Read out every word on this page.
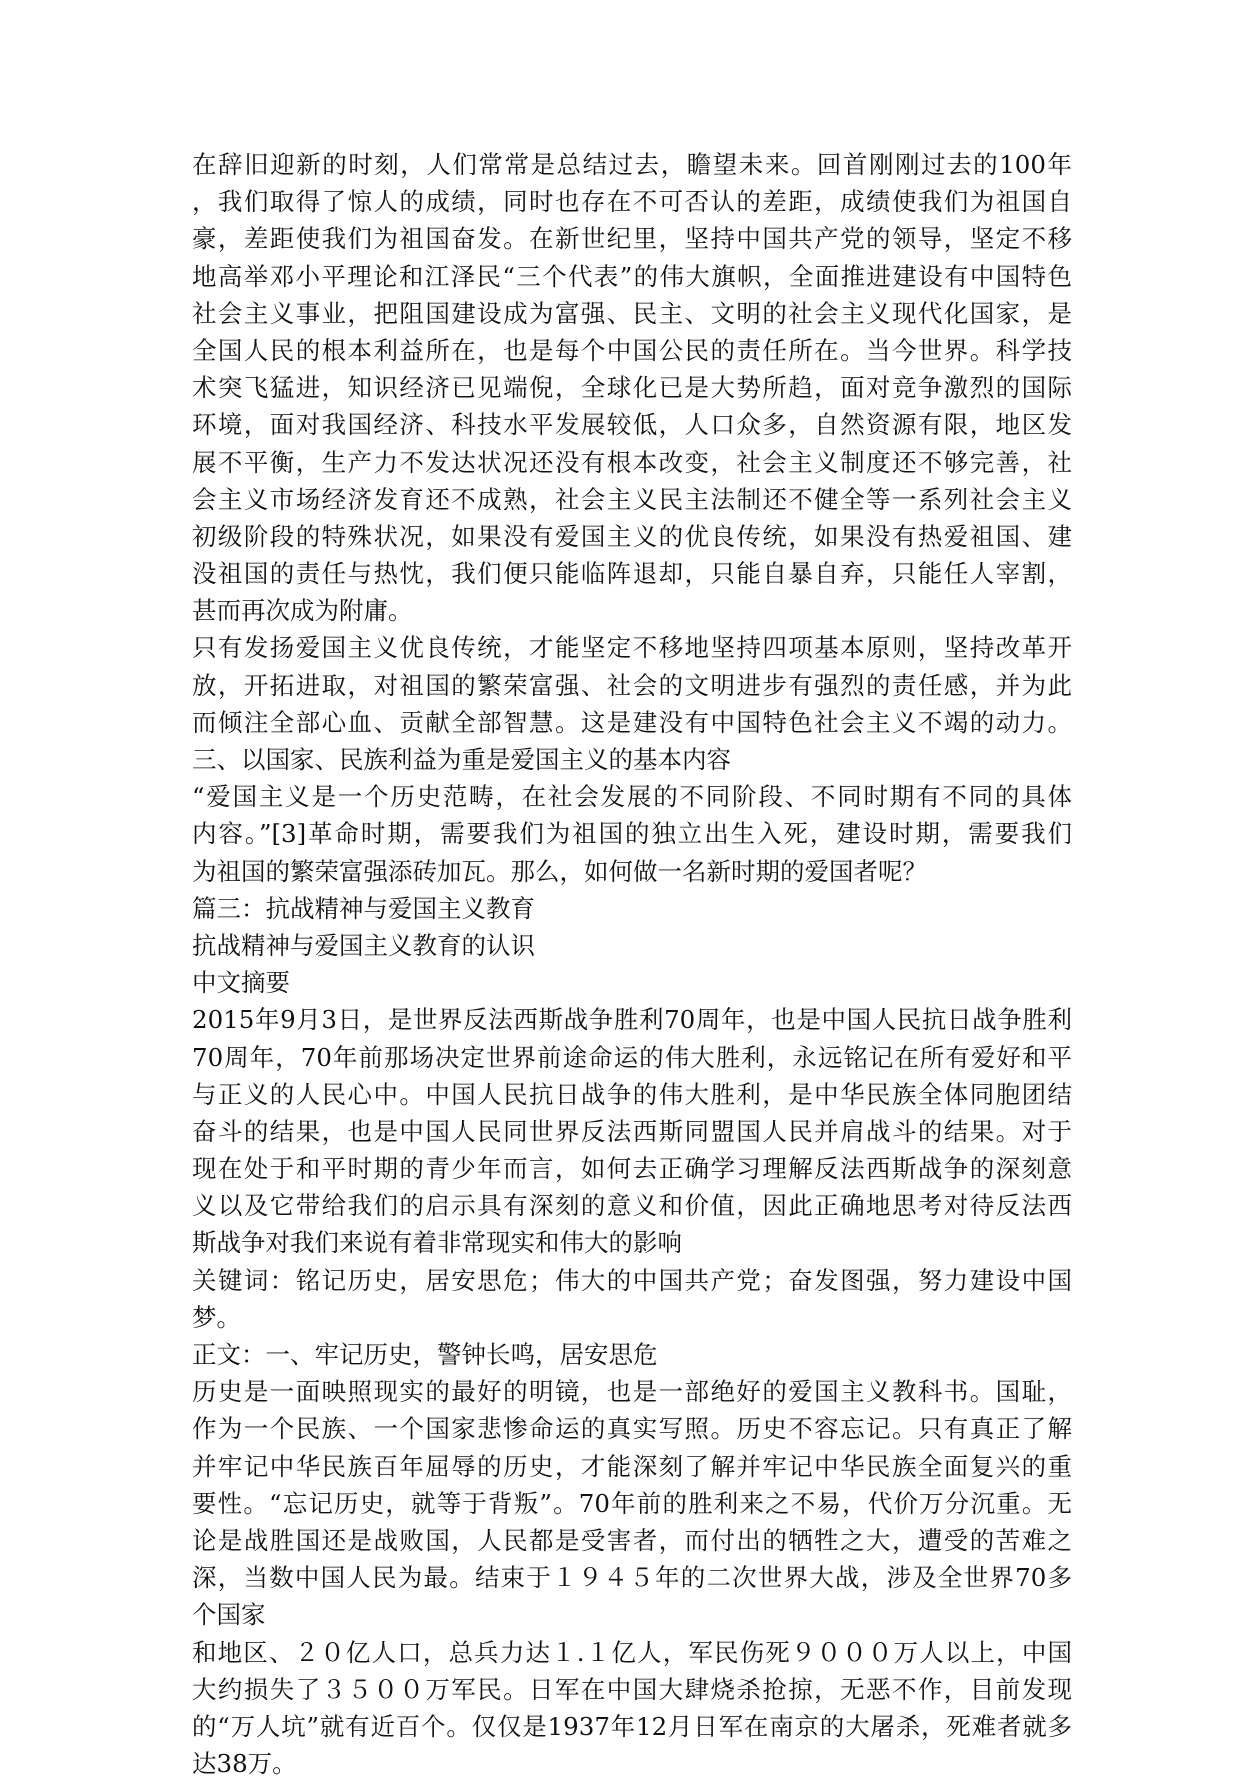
在辞旧迎新的时刻，人们常常是总结过去，瞻望未来。回首刚刚过去的100年
，我们取得了惊人的成绩，同时也存在不可否认的差距，成绩使我们为祖国自
豪，差距使我们为祖国奋发。在新世纪里，坚持中国共产党的领导，坚定不移
地高举邓小平理论和江泽民“三个代表”的伟大旗帜，全面推进建设有中国特色
社会主义事业，把阻国建设成为富强、民主、文明的社会主义现代化国家，是
全国人民的根本利益所在，也是每个中国公民的责任所在。当今世界。科学技
术突飞猛进，知识经济已见端倪，全球化已是大势所趋，面对竞争激烈的国际
环境，面对我国经济、科技水平发展较低，人口众多，自然资源有限，地区发
展不平衡，生产力不发达状况还没有根本改变，社会主义制度还不够完善，社
会主义市场经济发育还不成熟，社会主义民主法制还不健全等一系列社会主义
初级阶段的特殊状况，如果没有爱国主义的优良传统，如果没有热爱祖国、建
没祖国的责任与热忱，我们便只能临阵退却，只能自暴自弃，只能任人宰割，
甚而再次成为附庸。
只有发扬爱国主义优良传统，才能坚定不移地坚持四项基本原则，坚持改革开
放，开拓进取，对祖国的繁荣富强、社会的文明进步有强烈的责任感，并为此
而倾注全部心血、贡献全部智慧。这是建没有中国特色社会主义不竭的动力。
三、以国家、民族利益为重是爱国主义的基本内容
“爱国主义是一个历史范畴，在社会发展的不同阶段、不同时期有不同的具体
内容。”[3]革命时期，需要我们为祖国的独立出生入死，建设时期，需要我们
为祖国的繁荣富强添砖加瓦。那么，如何做一名新时期的爱国者呢？
篇三：抗战精神与爱国主义教育
抗战精神与爱国主义教育的认识
中文摘要
2015年9月3日，是世界反法西斯战争胜利70周年，也是中国人民抗日战争胜利
70周年，70年前那场决定世界前途命运的伟大胜利，永远铭记在所有爱好和平
与正义的人民心中。中国人民抗日战争的伟大胜利，是中华民族全体同胞团结
奋斗的结果，也是中国人民同世界反法西斯同盟国人民并肩战斗的结果。对于
现在处于和平时期的青少年而言，如何去正确学习理解反法西斯战争的深刻意
义以及它带给我们的启示具有深刻的意义和价值，因此正确地思考对待反法西
斯战争对我们来说有着非常现实和伟大的影响
关键词：铭记历史，居安思危；伟大的中国共产党；奋发图强，努力建设中国
梦。
正文：一、牢记历史，警钟长鸣，居安思危
历史是一面映照现实的最好的明镜，也是一部绝好的爱国主义教科书。国耻，
作为一个民族、一个国家悲惨命运的真实写照。历史不容忘记。只有真正了解
并牢记中华民族百年屈辱的历史，才能深刻了解并牢记中华民族全面复兴的重
要性。“忘记历史，就等于背叛”。70年前的胜利来之不易，代价万分沉重。无
论是战胜国还是战败国，人民都是受害者，而付出的牺牲之大，遭受的苦难之
深，当数中国人民为最。结束于１９４５年的二次世界大战，涉及全世界70多
个国家
和地区、２０亿人口，总兵力达１.１亿人，军民伤死９０００万人以上，中国
大约损失了３５００万军民。日军在中国大肆烧杀抢掠，无恶不作，目前发现
的“万人坑”就有近百个。仅仅是1937年12月日军在南京的大屠杀，死难者就多
达38万。
